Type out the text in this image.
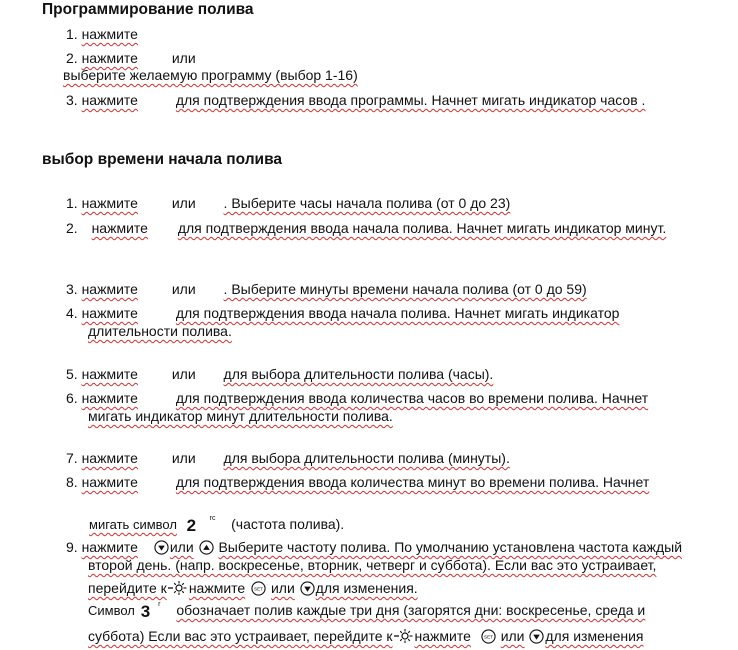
Программирование полива
1. нажмите
2. нажмите или
выберите желаемую программу (выбор 1-16)
3. нажмите	для подтверждения ввода программы. Начнет мигать индикатор часов .
выбор времени начала полива
1. нажмите или . Выберите часы начала полива (от 0 до 23)
2. нажмите для подтверждения ввода начала полива. Начнет мигать индикатор минут.
3. нажмите или . Выберите минуты времени начала полива (от 0 до 59)
4. нажмите	для подтверждения ввода начала полива. Начнет мигать индикатор
длительности полива.
5. нажмите или для выбора длительности полива (часы).
6. нажмите	для подтверждения ввода количества часов во времени полива. Начнет
мигать индикатор минут длительности полива.
7. нажмите или для выбора длительности полива (минуты).
8. нажмите	для подтверждения ввода количества минут во времени полива. Начнет
мигать символ 2 $^{rc}$ (частота полива).
9. нажмите или Выберите частоту полива. По умолчанию установлена частота каждый
второй день. (напр. воскресенье, вторник, четверг и суббота). Если вас это устраивает,
перейдите к нажмите SET или для изменения.
Символ 3 $^r$ обозначает полив каждые три дня (загорятся дни: воскресенье, среда и
суббота) Если вас это устраивает, перейдите к нажмите	SET или для изменения
